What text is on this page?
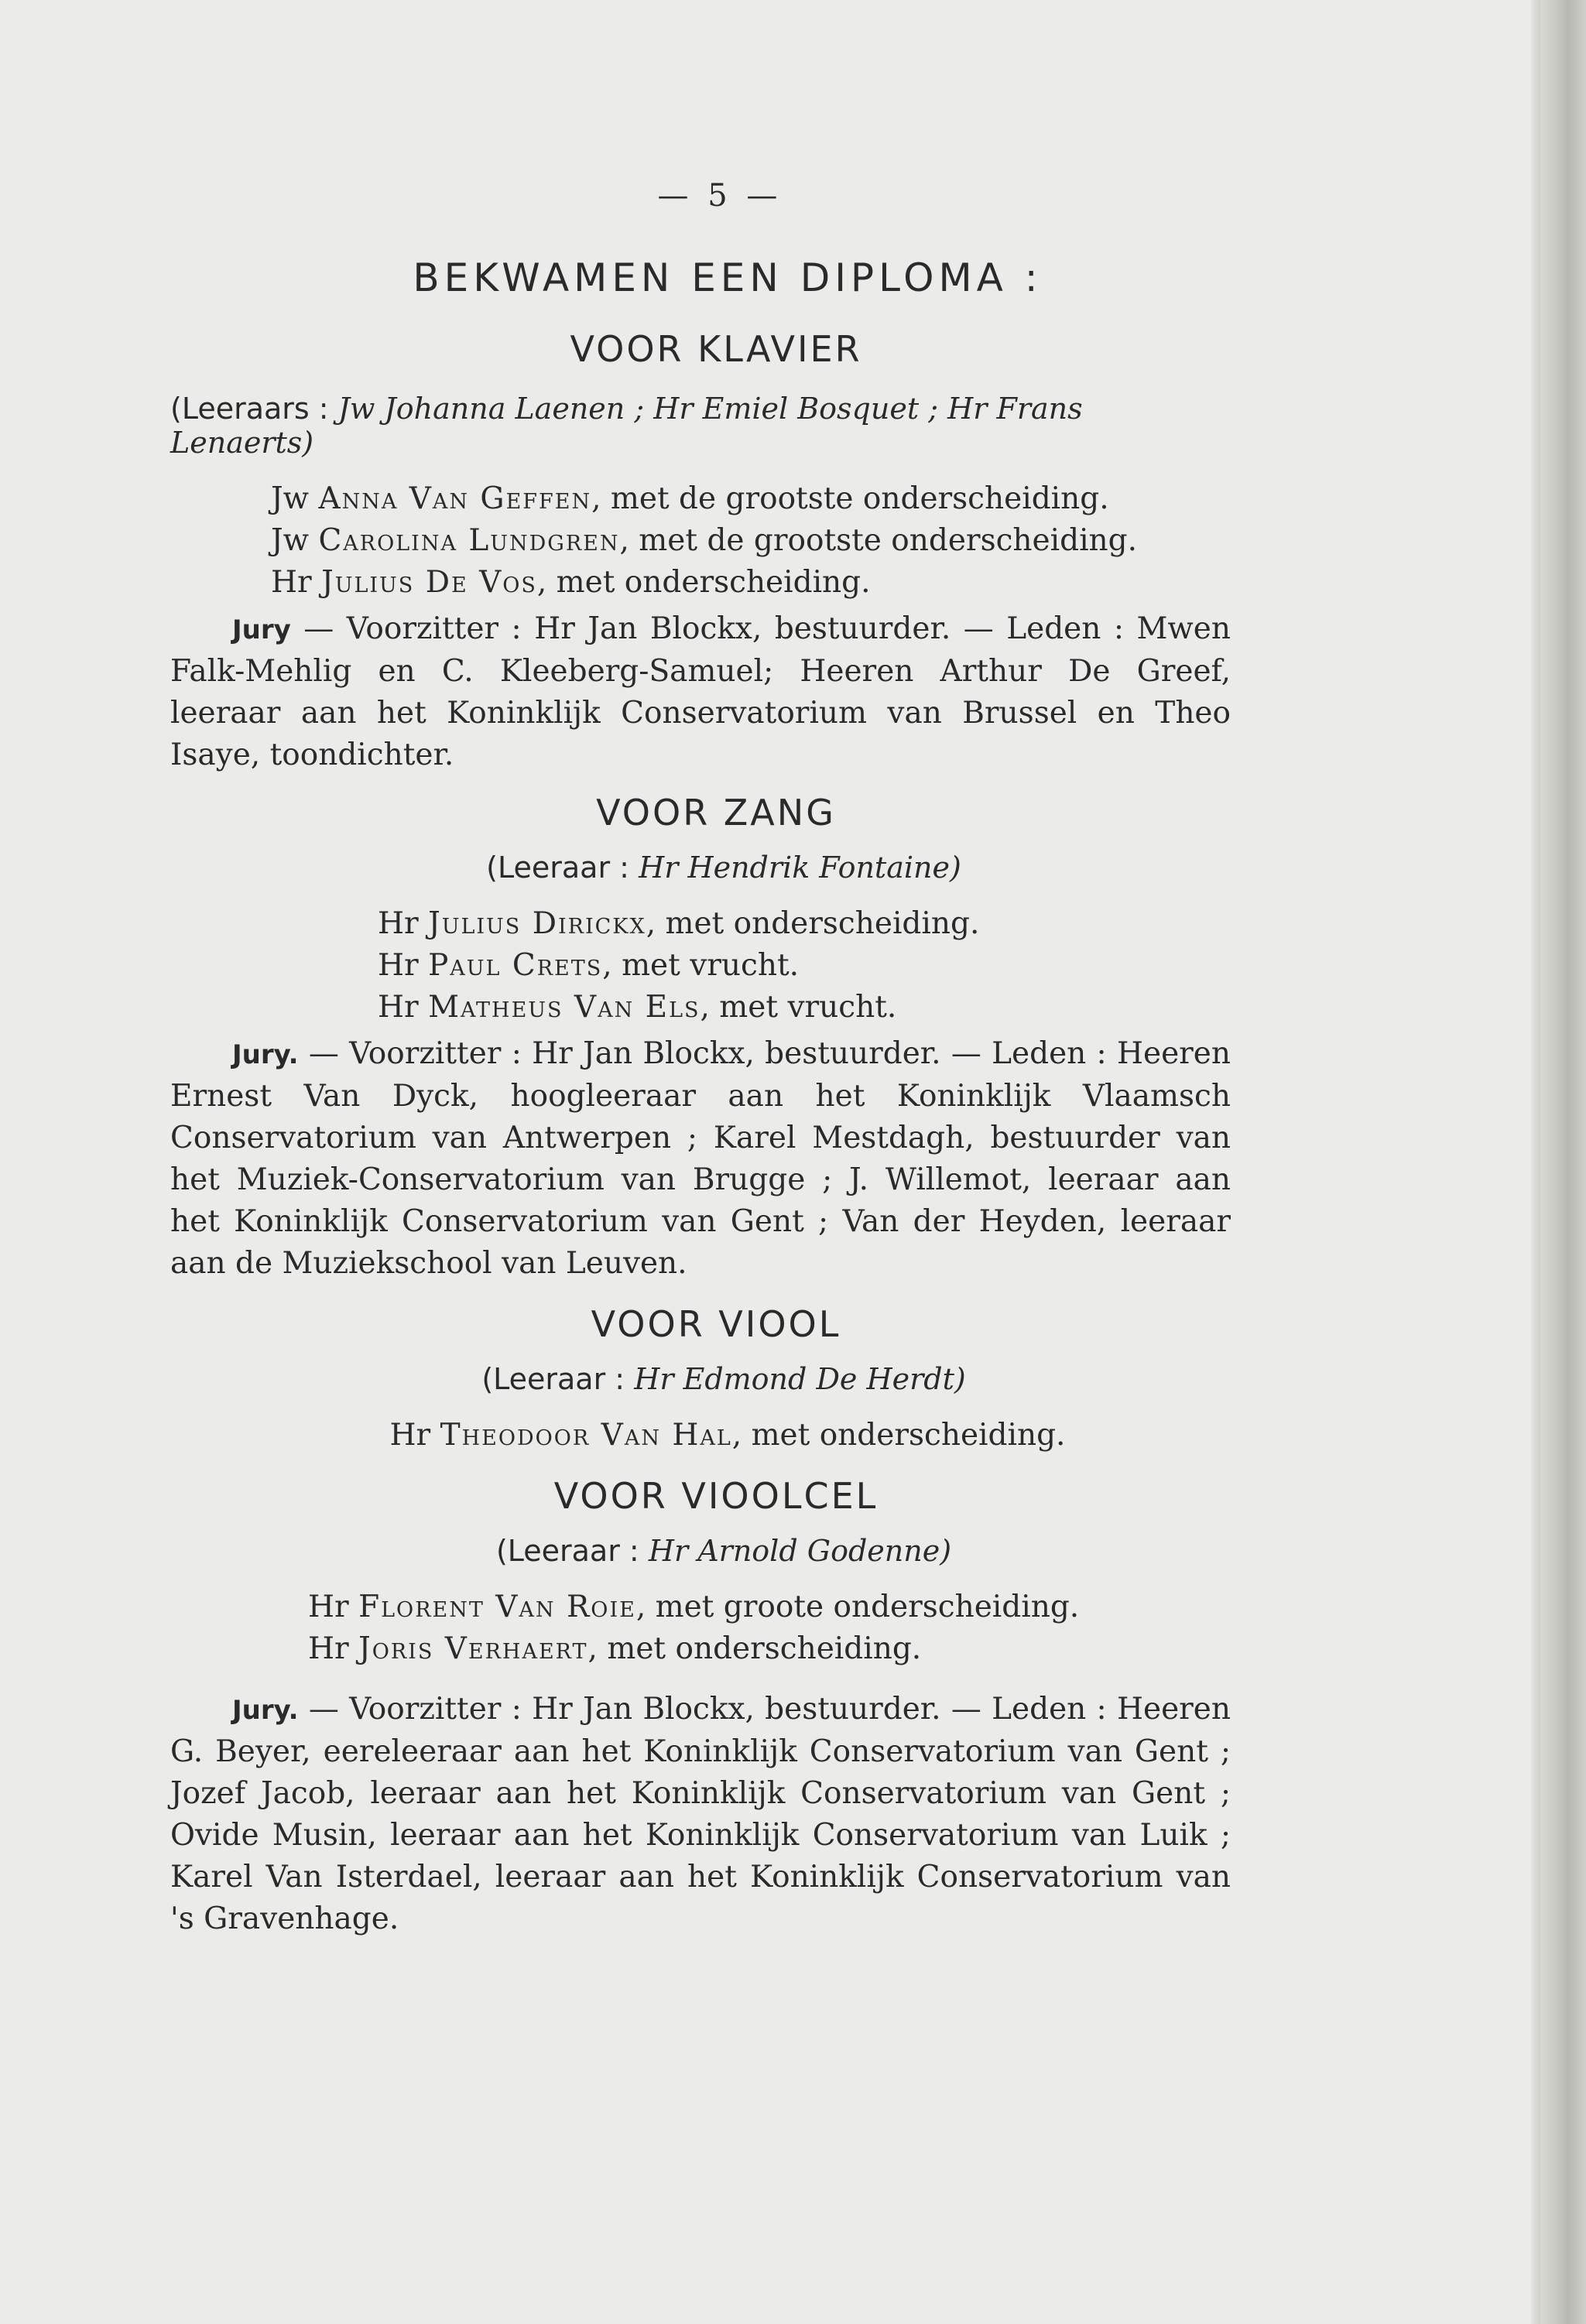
— 5 —
BEKWAMEN EEN DIPLOMA :
VOOR KLAVIER
(Leeraars : Jw Johanna Laenen ; Hr Emiel Bosquet ; Hr Frans Lenaerts)
Jw Anna Van Geffen, met de grootste onderscheiding.
Jw Carolina Lundgren, met de grootste onderscheiding.
Hr Julius De Vos, met onderscheiding.
Jury — Voorzitter : Hr Jan Blockx, bestuurder. — Leden : Mwen Falk-Mehlig en C. Kleeberg-Samuel; Heeren Arthur De Greef, leeraar aan het Koninklijk Conservatorium van Brussel en Theo Isaye, toondichter.
VOOR ZANG
(Leeraar : Hr Hendrik Fontaine)
Hr Julius Dirickx, met onderscheiding.
Hr Paul Crets, met vrucht.
Hr Matheus Van Els, met vrucht.
Jury. — Voorzitter : Hr Jan Blockx, bestuurder. — Leden : Heeren Ernest Van Dyck, hoogleeraar aan het Koninklijk Vlaamsch Conservatorium van Antwerpen ; Karel Mestdagh, bestuurder van het Muziek-Conservatorium van Brugge ; J. Willemot, leeraar aan het Koninklijk Conservatorium van Gent ; Van der Heyden, leeraar aan de Muziekschool van Leuven.
VOOR VIOOL
(Leeraar : Hr Edmond De Herdt)
Hr Theodoor Van Hal, met onderscheiding.
VOOR VIOOLCEL
(Leeraar : Hr Arnold Godenne)
Hr Florent Van Roie, met groote onderscheiding.
Hr Joris Verhaert, met onderscheiding.
Jury. — Voorzitter : Hr Jan Blockx, bestuurder. — Leden : Heeren G. Beyer, eereleeraar aan het Koninklijk Conservatorium van Gent ; Jozef Jacob, leeraar aan het Koninklijk Conservatorium van Gent ; Ovide Musin, leeraar aan het Koninklijk Conservatorium van Luik ; Karel Van Isterdael, leeraar aan het Koninklijk Conservatorium van 's Gravenhage.
